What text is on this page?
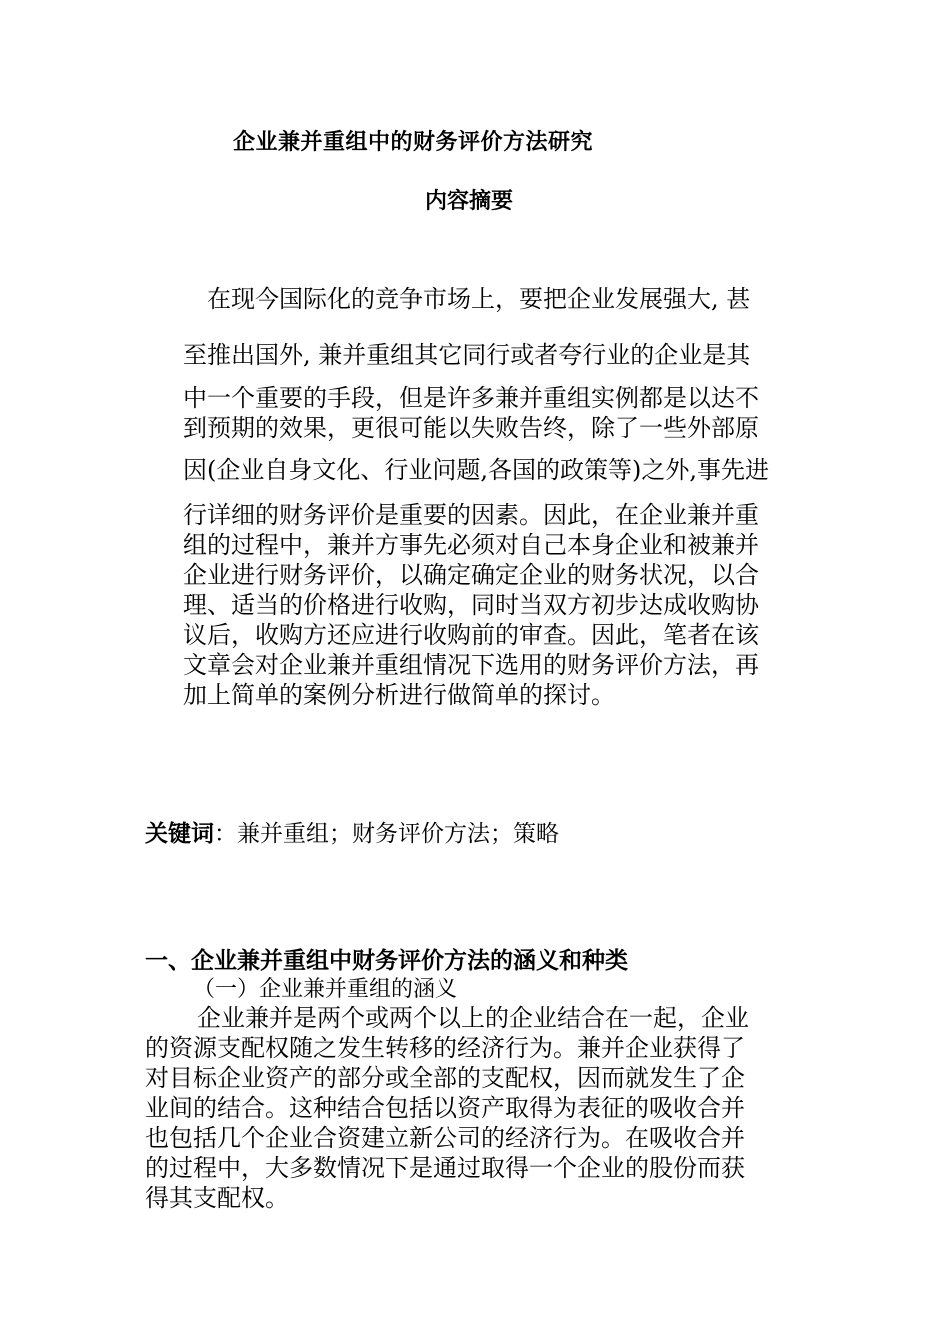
企业兼并重组中的财务评价方法研究
内容摘要
在现今国际化的竞争市场上，要把企业发展强大, 甚
至推出国外, 兼并重组其它同行或者夸行业的企业是其
中一个重要的手段，但是许多兼并重组实例都是以达不
到预期的效果，更很可能以失败告终，除了一些外部原
因(企业自身文化、行业问题,各国的政策等)之外,事先进
行详细的财务评价是重要的因素。因此，在企业兼并重
组的过程中，兼并方事先必须对自己本身企业和被兼并
企业进行财务评价，以确定确定企业的财务状况，以合
理、适当的价格进行收购，同时当双方初步达成收购协
议后，收购方还应进行收购前的审查。因此，笔者在该
文章会对企业兼并重组情况下选用的财务评价方法，再
加上简单的案例分析进行做简单的探讨。
关键词：兼并重组；财务评价方法；策略
一、企业兼并重组中财务评价方法的涵义和种类
（一）企业兼并重组的涵义
企业兼并是两个或两个以上的企业结合在一起，企业
的资源支配权随之发生转移的经济行为。兼并企业获得了
对目标企业资产的部分或全部的支配权，因而就发生了企
业间的结合。这种结合包括以资产取得为表征的吸收合并
也包括几个企业合资建立新公司的经济行为。在吸收合并
的过程中，大多数情况下是通过取得一个企业的股份而获
得其支配权。
